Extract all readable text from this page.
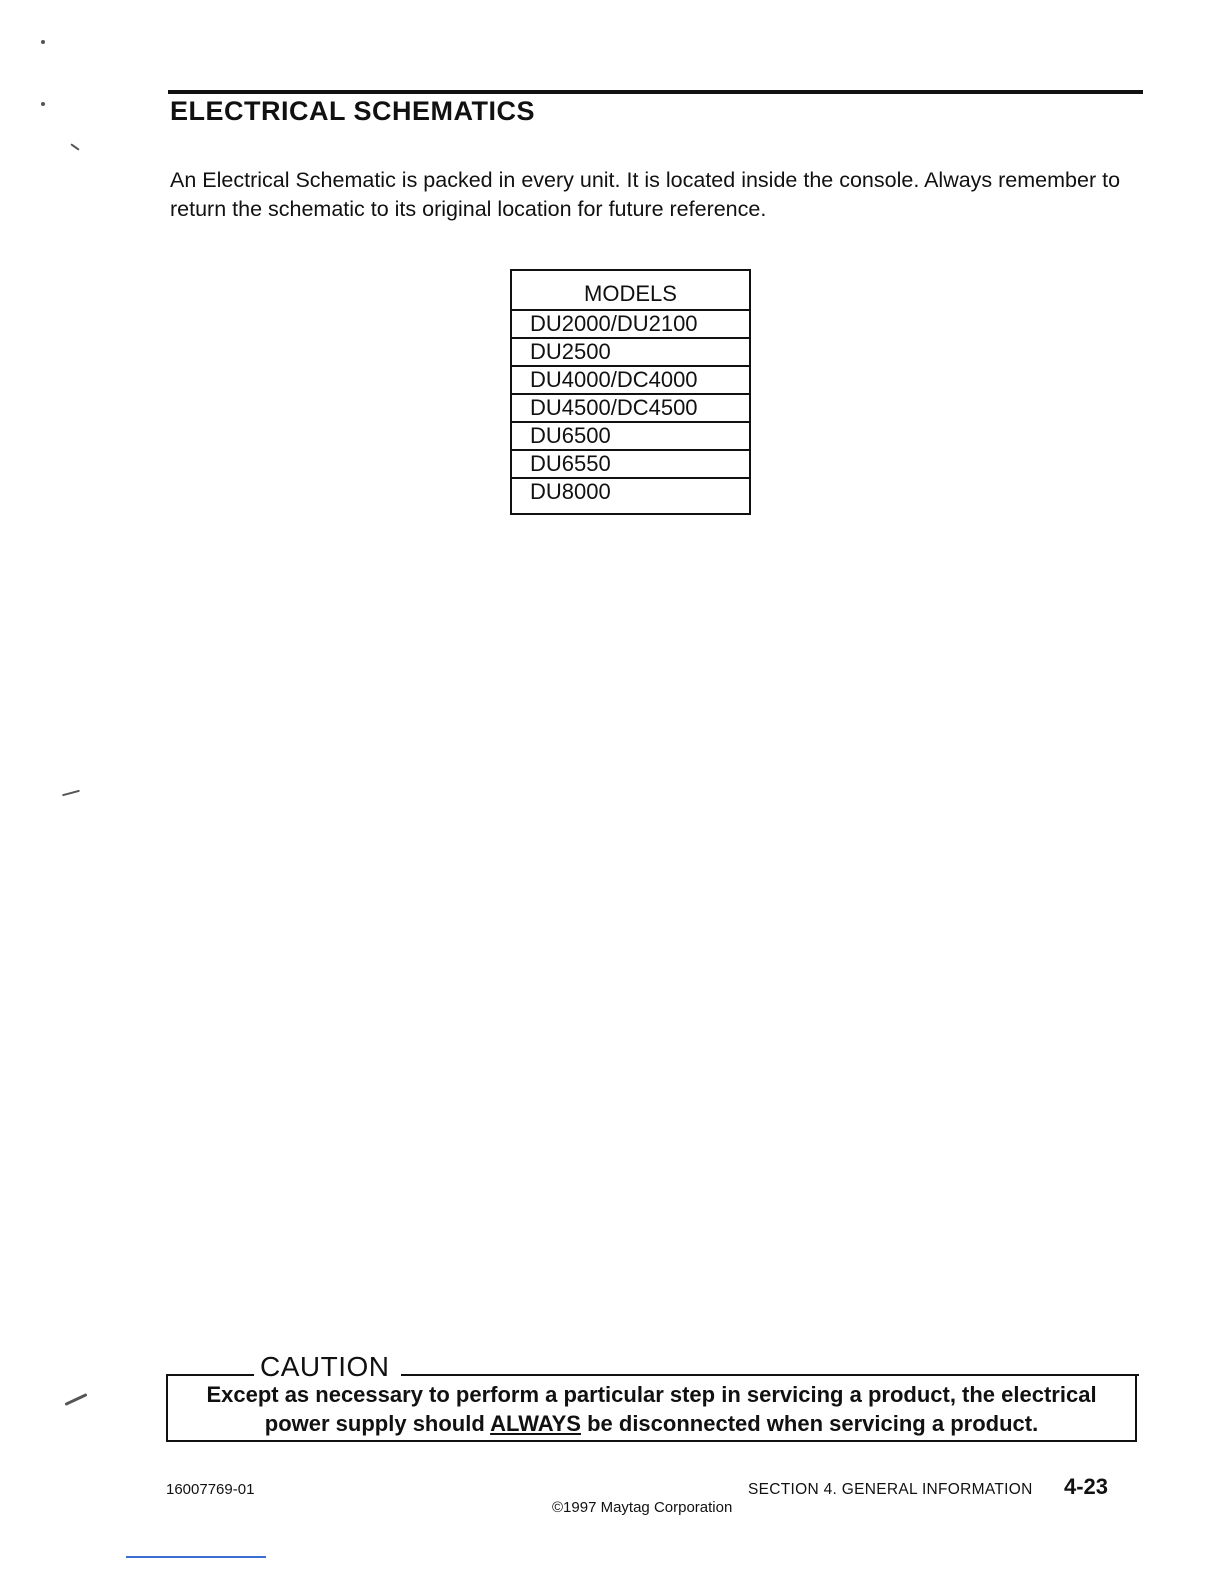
ELECTRICAL SCHEMATICS

An Electrical Schematic is packed in every unit. It is located inside the console. Always remember to return the schematic to its original location for future reference.

MODELS
DU2000/DU2100
DU2500
DU4000/DC4000
DU4500/DC4500
DU6500
DU6550
DU8000
CAUTION

Except as necessary to perform a particular step in servicing a product, the electrical
power supply should ALWAYS be disconnected when servicing a product.

16007769-01	SECTION 4. GENERAL INFORMATION 4-23

©1997 Maytag Corporation
